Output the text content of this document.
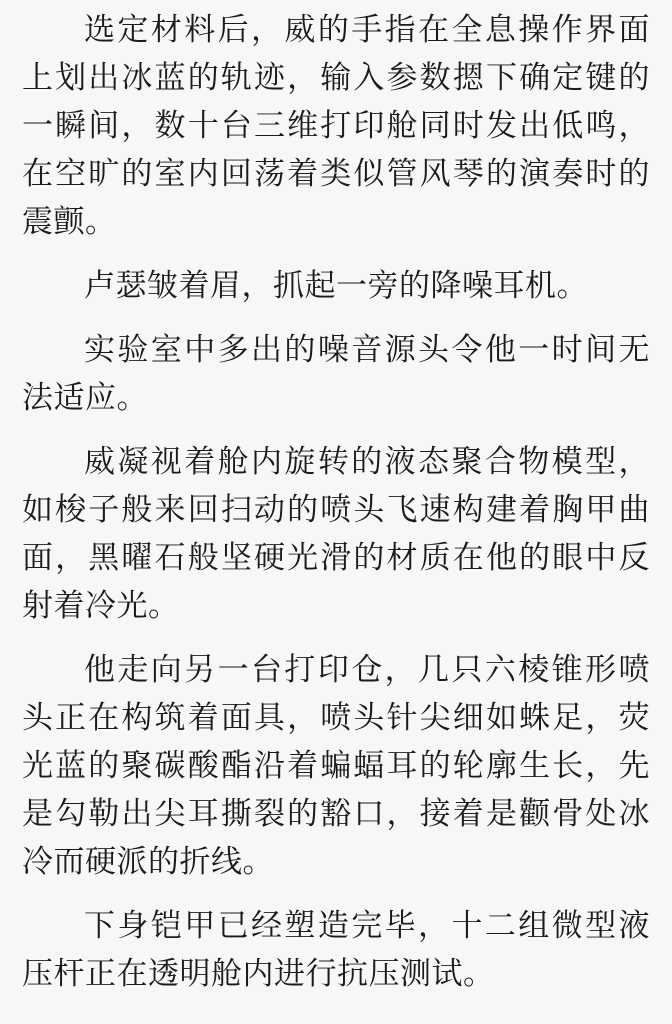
选定材料后，威的手指在全息操作界面上划出冰蓝的轨迹，输入参数摁下确定键的一瞬间，数十台三维打印舱同时发出低鸣，在空旷的室内回荡着类似管风琴的演奏时的震颤。

卢瑟皱着眉，抓起一旁的降噪耳机。

实验室中多出的噪音源头令他一时间无法适应。

威凝视着舱内旋转的液态聚合物模型，如梭子般来回扫动的喷头飞速构建着胸甲曲面，黑曜石般坚硬光滑的材质在他的眼中反射着冷光。

他走向另一台打印仓，几只六棱锥形喷头正在构筑着面具，喷头针尖细如蛛足，荧光蓝的聚碳酸酯沿着蝙蝠耳的轮廓生长，先是勾勒出尖耳撕裂的豁口，接着是颧骨处冰冷而硬派的折线。

下身铠甲已经塑造完毕，十二组微型液压杆正在透明舱内进行抗压测试。
